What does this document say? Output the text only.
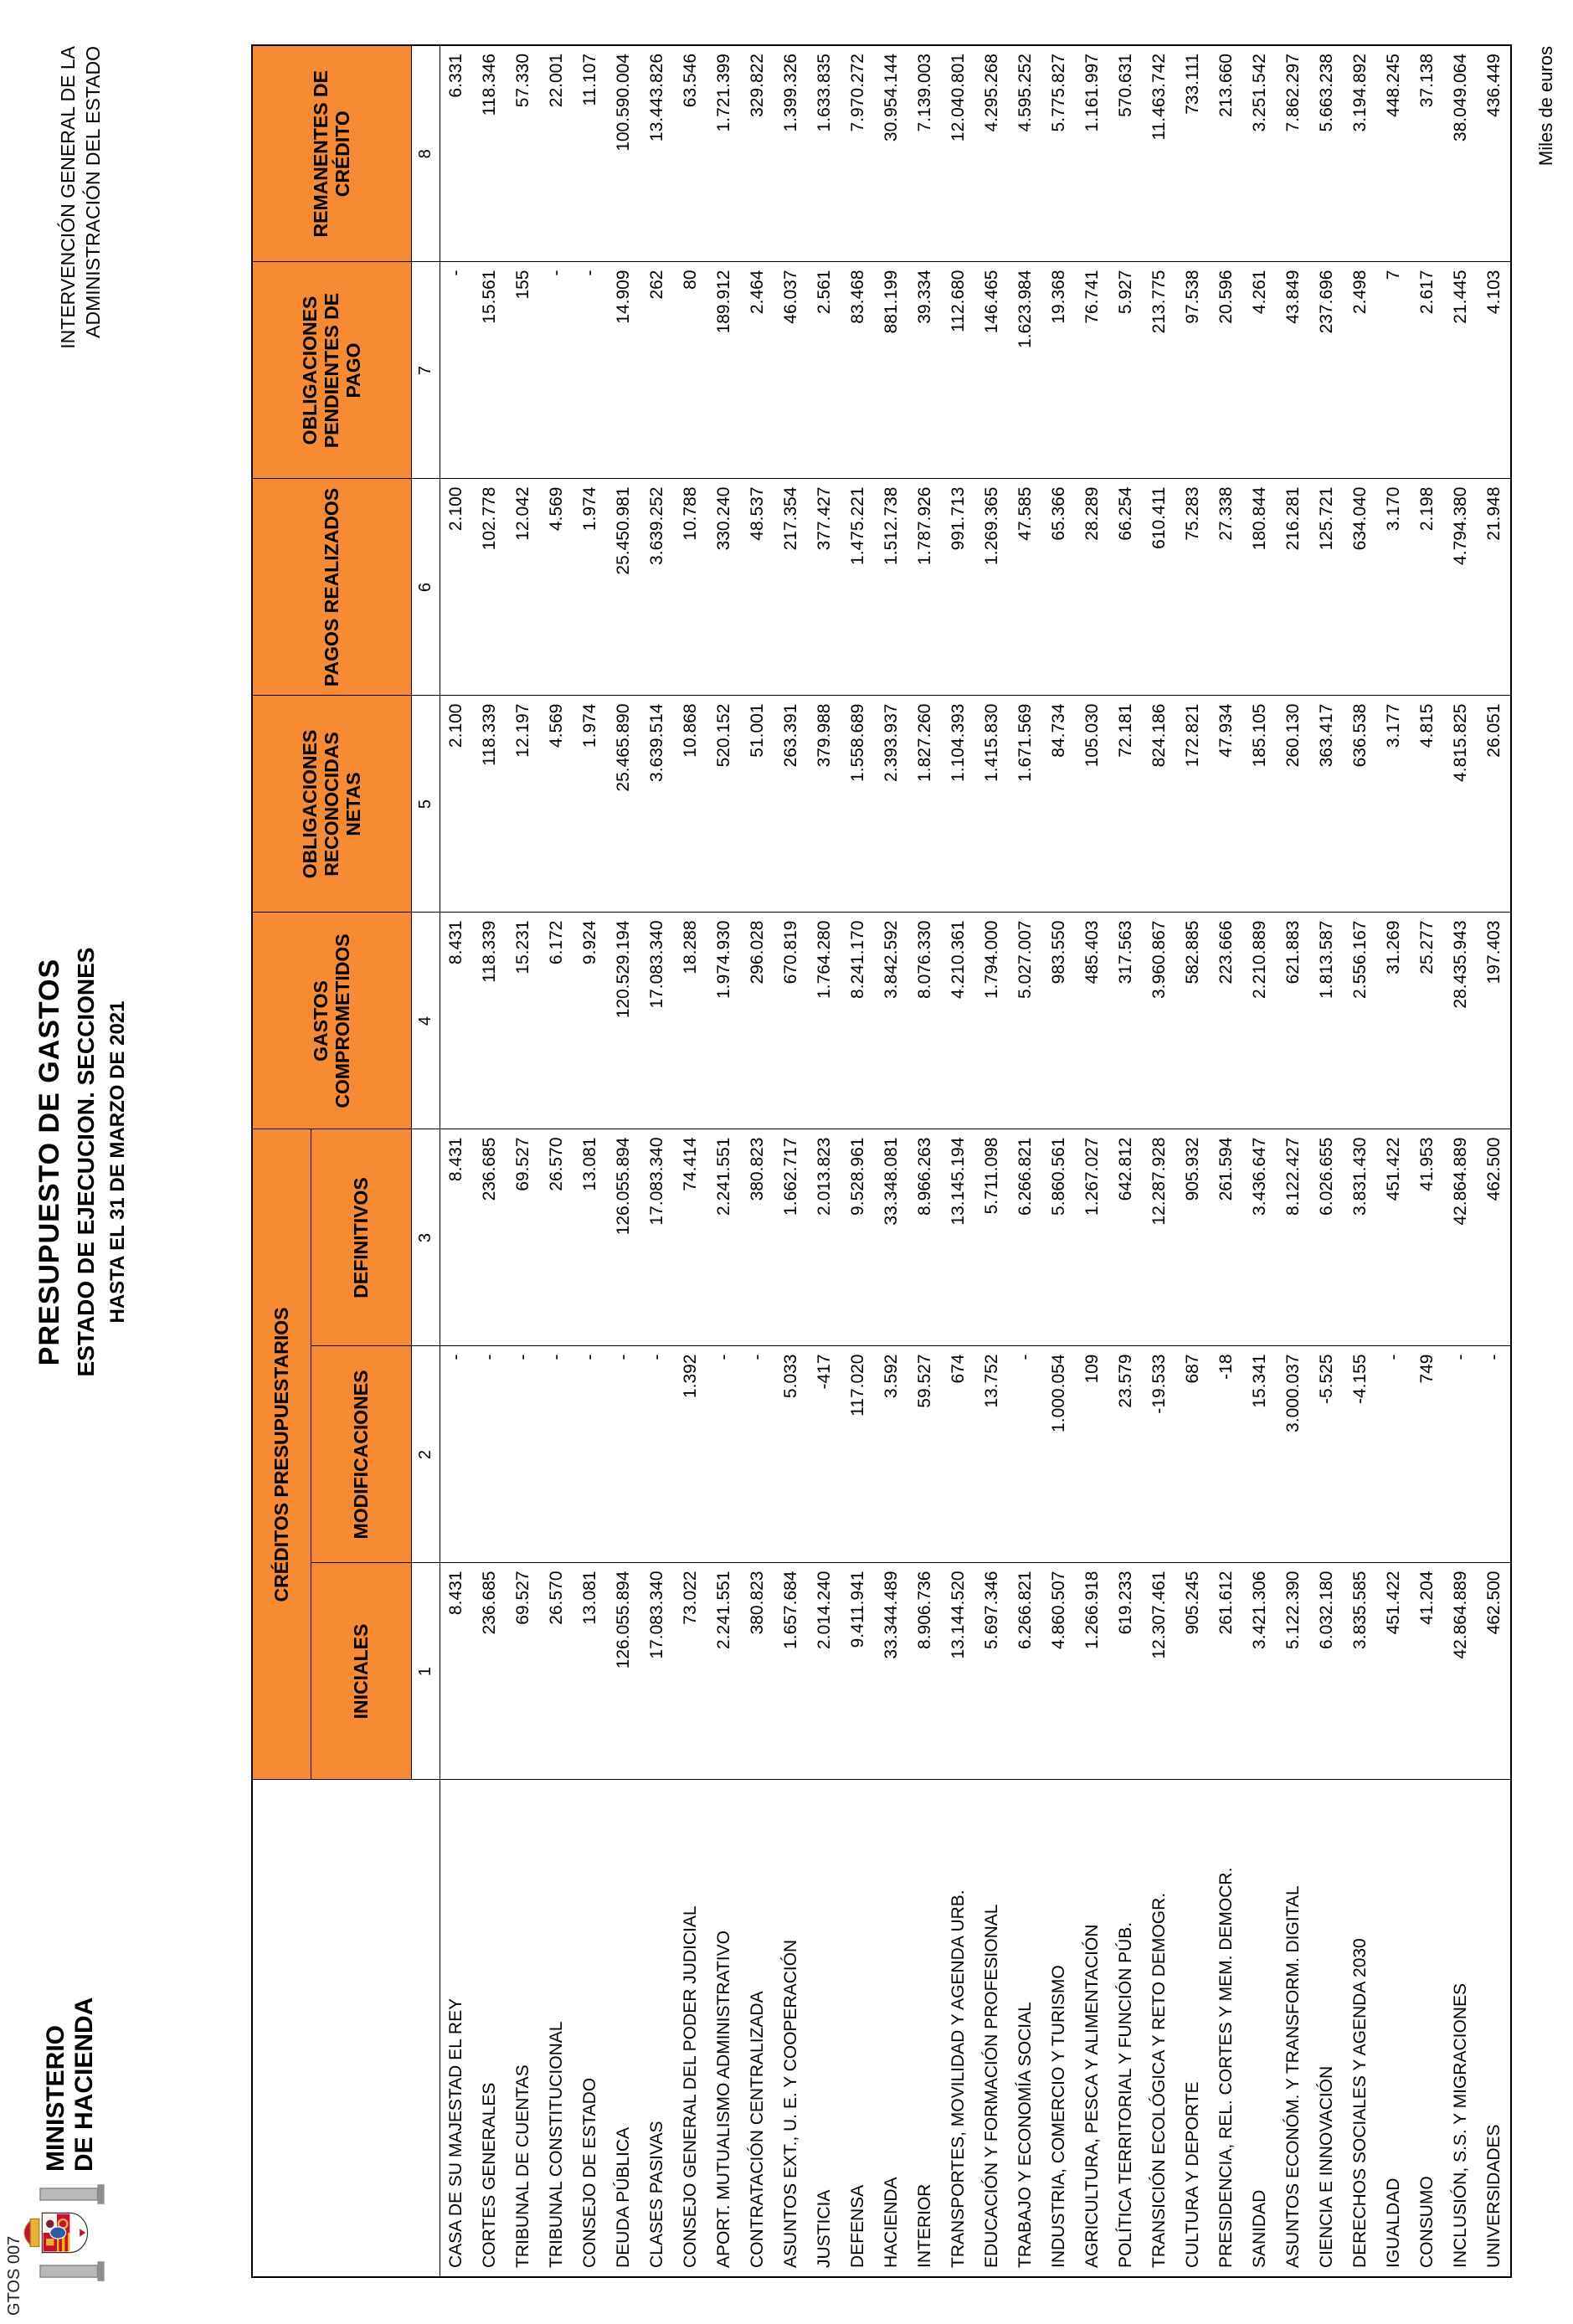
GTOS 007
MINISTERIO DE HACIENDA
PRESUPUESTO DE GASTOS ESTADO DE EJECUCION. SECCIONES HASTA EL 31 DE MARZO DE 2021
INTERVENCIÓN GENERAL DE LA ADMINISTRACIÓN DEL ESTADO	Miles de euros
	CRÉDITOS PRESUPUESTARIOS			GASTOS COMPROMETIDOS	OBLIGACIONES RECONOCIDAS NETAS	PAGOS REALIZADOS	OBLIGACIONES PENDIENTES DE PAGO	REMANENTES DE CRÉDITO
	INICIALES	MODIFICACIONES	DEFINITIVOS					
	1	2	3	4	5	6	7	8
CASA DE SU MAJESTAD EL REY	8.431	-	8.431	8.431	2.100	2.100	-	6.331
CORTES GENERALES	236.685	-	236.685	118.339	118.339	102.778	15.561	118.346
TRIBUNAL DE CUENTAS	69.527	-	69.527	15.231	12.197	12.042	155	57.330
TRIBUNAL CONSTITUCIONAL	26.570	-	26.570	6.172	4.569	4.569	-	22.001
CONSEJO DE ESTADO	13.081	-	13.081	9.924	1.974	1.974	-	11.107
DEUDA PÚBLICA	126.055.894	-	126.055.894	120.529.194	25.465.890	25.450.981	14.909	100.590.004
CLASES PASIVAS	17.083.340	-	17.083.340	17.083.340	3.639.514	3.639.252	262	13.443.826
CONSEJO GENERAL DEL PODER JUDICIAL	73.022	1.392	74.414	18.288	10.868	10.788	80	63.546
APORT. MUTUALISMO ADMINISTRATIVO	2.241.551	-	2.241.551	1.974.930	520.152	330.240	189.912	1.721.399
CONTRATACIÓN CENTRALIZADA	380.823	-	380.823	296.028	51.001	48.537	2.464	329.822
ASUNTOS EXT., U. E. Y COOPERACIÓN	1.657.684	5.033	1.662.717	670.819	263.391	217.354	46.037	1.399.326
JUSTICIA	2.014.240	-417	2.013.823	1.764.280	379.988	377.427	2.561	1.633.835
DEFENSA	9.411.941	117.020	9.528.961	8.241.170	1.558.689	1.475.221	83.468	7.970.272
HACIENDA	33.344.489	3.592	33.348.081	3.842.592	2.393.937	1.512.738	881.199	30.954.144
INTERIOR	8.906.736	59.527	8.966.263	8.076.330	1.827.260	1.787.926	39.334	7.139.003
TRANSPORTES, MOVILIDAD Y AGENDA URB.	13.144.520	674	13.145.194	4.210.361	1.104.393	991.713	112.680	12.040.801
EDUCACIÓN Y FORMACIÓN PROFESIONAL	5.697.346	13.752	5.711.098	1.794.000	1.415.830	1.269.365	146.465	4.295.268
TRABAJO Y ECONOMÍA SOCIAL	6.266.821	-	6.266.821	5.027.007	1.671.569	47.585	1.623.984	4.595.252
INDUSTRIA, COMERCIO Y TURISMO	4.860.507	1.000.054	5.860.561	983.550	84.734	65.366	19.368	5.775.827
AGRICULTURA, PESCA Y ALIMENTACIÓN	1.266.918	109	1.267.027	485.403	105.030	28.289	76.741	1.161.997
POLÍTICA TERRITORIAL Y FUNCIÓN PÚB.	619.233	23.579	642.812	317.563	72.181	66.254	5.927	570.631
TRANSICIÓN ECOLÓGICA Y RETO DEMOGR.	12.307.461	-19.533	12.287.928	3.960.867	824.186	610.411	213.775	11.463.742
CULTURA Y DEPORTE	905.245	687	905.932	582.885	172.821	75.283	97.538	733.111
PRESIDENCIA, REL. CORTES Y MEM. DEMOCR.	261.612	-18	261.594	223.666	47.934	27.338	20.596	213.660
SANIDAD	3.421.306	15.341	3.436.647	2.210.889	185.105	180.844	4.261	3.251.542
ASUNTOS ECONÓM. Y TRANSFORM. DIGITAL	5.122.390	3.000.037	8.122.427	621.883	260.130	216.281	43.849	7.862.297
CIENCIA E INNOVACIÓN	6.032.180	-5.525	6.026.655	1.813.587	363.417	125.721	237.696	5.663.238
DERECHOS SOCIALES Y AGENDA 2030	3.835.585	-4.155	3.831.430	2.556.167	636.538	634.040	2.498	3.194.892
IGUALDAD	451.422	-	451.422	31.269	3.177	3.170	7	448.245
CONSUMO	41.204	749	41.953	25.277	4.815	2.198	2.617	37.138
INCLUSIÓN, S.S. Y MIGRACIONES	42.864.889	-	42.864.889	28.435.943	4.815.825	4.794.380	21.445	38.049.064
UNIVERSIDADES	462.500	-	462.500	197.403	26.051	21.948	4.103	436.449
